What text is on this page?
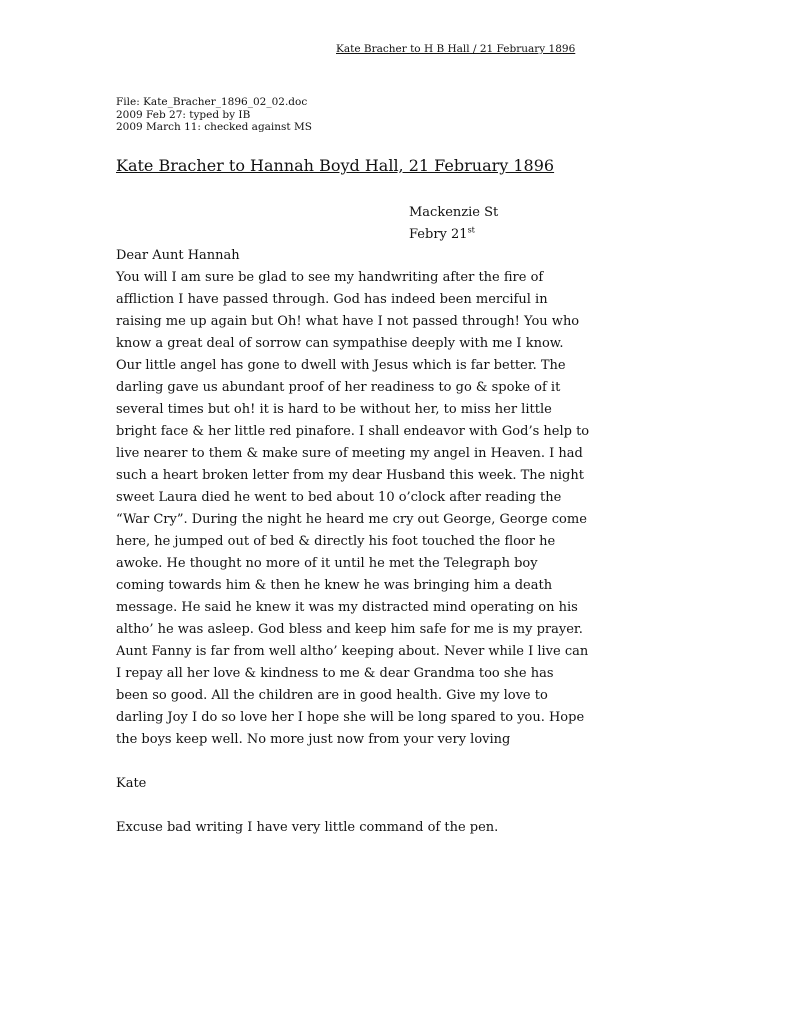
Kate Bracher to H B Hall / 21 February 1896
File: Kate_Bracher_1896_02_02.doc
2009 Feb 27: typed by IB
2009 March 11: checked against MS
Kate Bracher to Hannah Boyd Hall, 21 February 1896
Mackenzie St
Febry 21st
Dear Aunt Hannah
You will I am sure be glad to see my handwriting after the fire of
affliction I have passed through. God has indeed been merciful in
raising me up again but Oh! what have I not passed through! You who
know a great deal of sorrow can sympathise deeply with me I know.
Our little angel has gone to dwell with Jesus which is far better. The
darling gave us abundant proof of her readiness to go & spoke of it
several times but oh! it is hard to be without her, to miss her little
bright face & her little red pinafore. I shall endeavor with God’s help to
live nearer to them & make sure of meeting my angel in Heaven. I had
such a heart broken letter from my dear Husband this week. The night
sweet Laura died he went to bed about 10 o’clock after reading the
“War Cry”. During the night he heard me cry out George, George come
here, he jumped out of bed & directly his foot touched the floor he
awoke. He thought no more of it until he met the Telegraph boy
coming towards him & then he knew he was bringing him a death
message. He said he knew it was my distracted mind operating on his
altho’ he was asleep. God bless and keep him safe for me is my prayer.
Aunt Fanny is far from well altho’ keeping about. Never while I live can
I repay all her love & kindness to me & dear Grandma too she has
been so good. All the children are in good health. Give my love to
darling Joy I do so love her I hope she will be long spared to you. Hope
the boys keep well. No more just now from your very loving
Kate
Excuse bad writing I have very little command of the pen.
